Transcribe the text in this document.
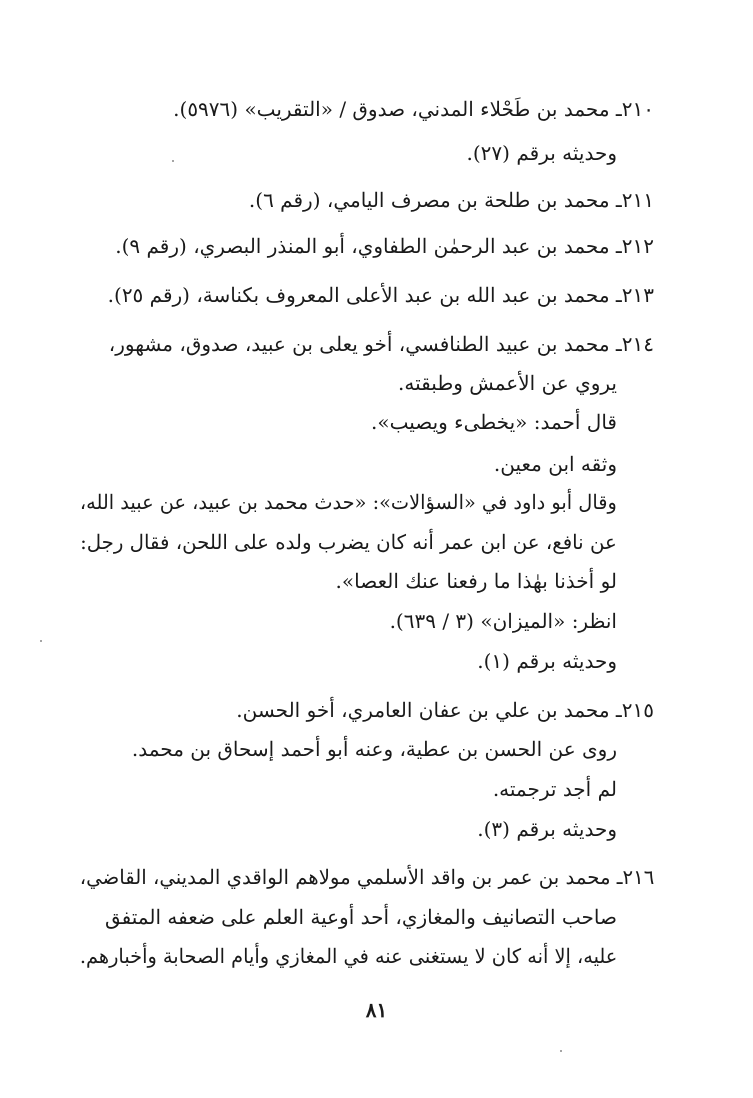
٢١٠ـ محمد بن طَحْلاء المدني، صدوق / «التقريب» (٥٩٧٦).
وحديثه برقم (٢٧).
٢١١ـ محمد بن طلحة بن مصرف اليامي، (رقم ٦).
٢١٢ـ محمد بن عبد الرحمٰن الطفاوي، أبو المنذر البصري، (رقم ٩).
٢١٣ـ محمد بن عبد الله بن عبد الأعلى المعروف بكناسة، (رقم ٢٥).
٢١٤ـ محمد بن عبيد الطنافسي، أخو يعلى بن عبيد، صدوق، مشهور،
يروي عن الأعمش وطبقته.
قال أحمد: «يخطىء ويصيب».
وثقه ابن معين.
وقال أبو داود في «السؤالات»: «حدث محمد بن عبيد، عن عبيد الله،
عن نافع، عن ابن عمر أنه كان يضرب ولده على اللحن، فقال رجل:
لو أخذنا بهٰذا ما رفعنا عنك العصا».
انظر: «الميزان» (٣ / ٦٣٩).
وحديثه برقم (١).
٢١٥ـ محمد بن علي بن عفان العامري، أخو الحسن.
روى عن الحسن بن عطية، وعنه أبو أحمد إسحاق بن محمد.
لم أجد ترجمته.
وحديثه برقم (٣).
٢١٦ـ محمد بن عمر بن واقد الأسلمي مولاهم الواقدي المديني، القاضي،
صاحب التصانيف والمغازي، أحد أوعية العلم على ضعفه المتفق
عليه، إلا أنه كان لا يستغنى عنه في المغازي وأيام الصحابة وأخبارهم.
٨١
